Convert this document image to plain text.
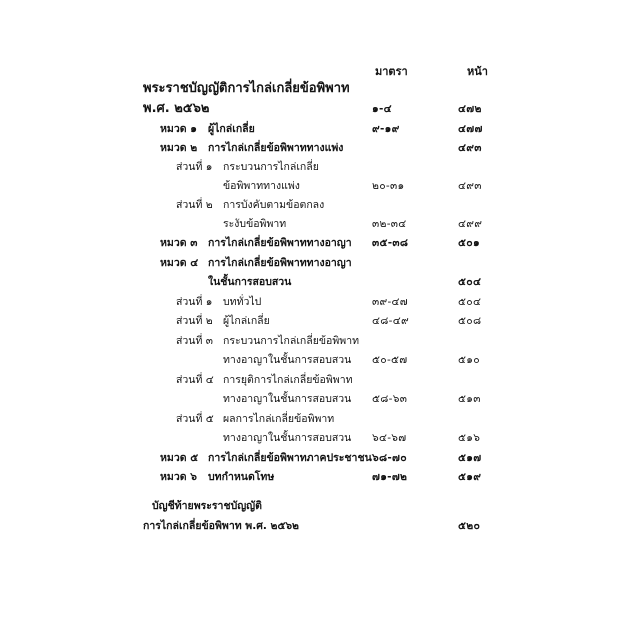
มาตรา	หน้า
พระราชบัญญัติการไกล่เกลี่ยข้อพิพาท
พ.ศ. ๒๕๖๒	๑-๔	๔๗๒
หมวด ๑ ผู้ไกล่เกลี่ย	๙-๑๙	๔๗๗
หมวด ๒ การไกล่เกลี่ยข้อพิพาททางแพ่ง	๔๙๓
ส่วนที่ ๑ กระบวนการไกล่เกลี่ย
ข้อพิพาททางแพ่ง	๒๐-๓๑	๔๙๓
ส่วนที่ ๒ การบังคับตามข้อตกลง
ระงับข้อพิพาท	๓๒-๓๔	๔๙๙
หมวด ๓ การไกล่เกลี่ยข้อพิพาททางอาญา ๓๕-๓๘	๕๐๑
หมวด ๔ การไกล่เกลี่ยข้อพิพาททางอาญา
ในชั้นการสอบสวน	๕๐๔
ส่วนที่ ๑ บททั่วไป	๓๙-๔๗	๕๐๔
ส่วนที่ ๒ ผู้ไกล่เกลี่ย	๔๘-๔๙	๕๐๘
ส่วนที่ ๓ กระบวนการไกล่เกลี่ยข้อพิพาท
ทางอาญาในชั้นการสอบสวน ๕๐-๕๗	๕๑๐
ส่วนที่ ๔ การยุติการไกล่เกลี่ยข้อพิพาท
ทางอาญาในชั้นการสอบสวน ๕๘-๖๓	๕๑๓
ส่วนที่ ๕ ผลการไกล่เกลี่ยข้อพิพาท
ทางอาญาในชั้นการสอบสวน ๖๔-๖๗	๕๑๖
หมวด ๕ การไกล่เกลี่ยข้อพิพาทภาคประชาชน ๖๘-๗๐	๕๑๗
หมวด ๖ บทกำหนดโทษ	๗๑-๗๒	๕๑๙
บัญชีท้ายพระราชบัญญัติ
การไกล่เกลี่ยข้อพิพาท พ.ศ. ๒๕๖๒	๕๒๐
